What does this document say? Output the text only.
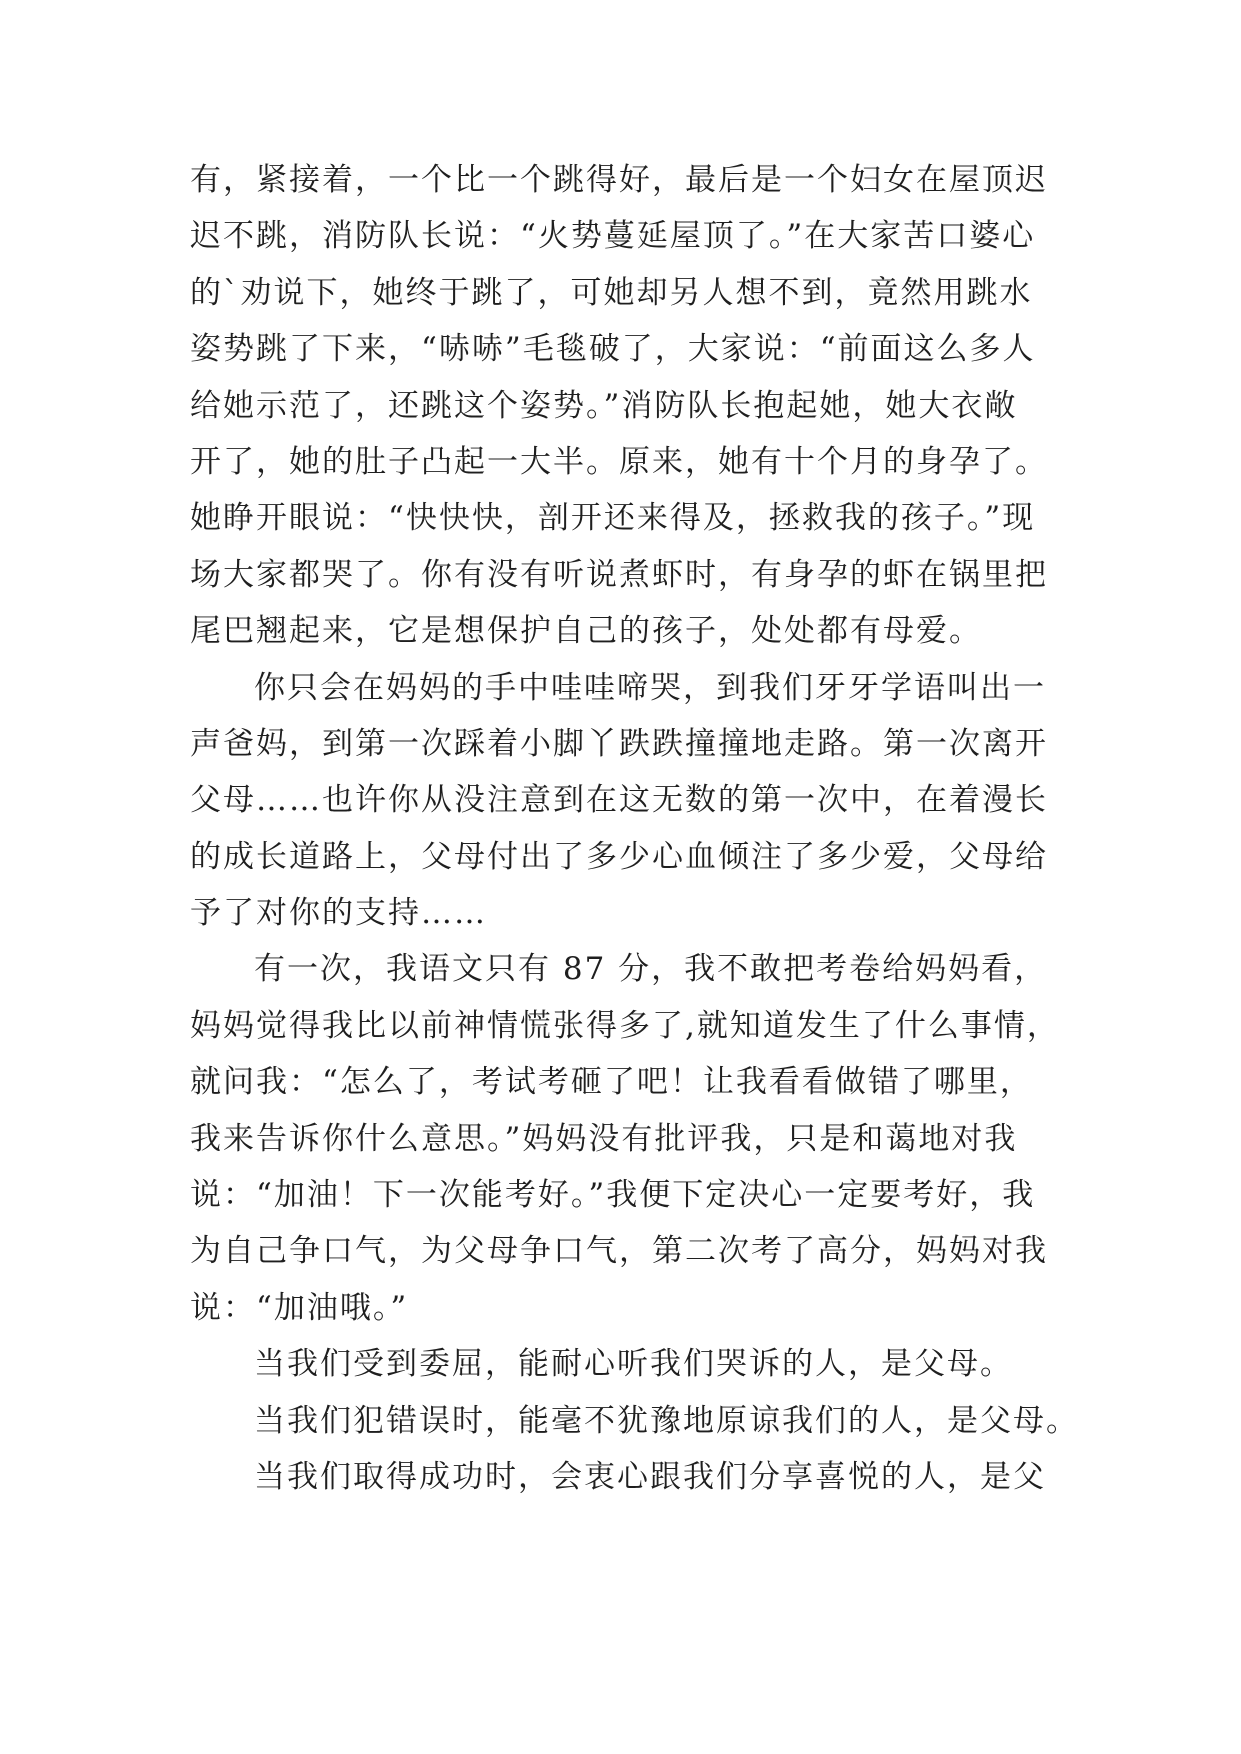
有，紧接着，一个比一个跳得好，最后是一个妇女在屋顶迟
迟不跳，消防队长说：“火势蔓延屋顶了。”在大家苦口婆心
的`劝说下，她终于跳了，可她却另人想不到，竟然用跳水
姿势跳了下来，“哧哧”毛毯破了，大家说：“前面这么多人
给她示范了，还跳这个姿势。”消防队长抱起她，她大衣敞
开了，她的肚子凸起一大半。原来，她有十个月的身孕了。
她睁开眼说：“快快快，剖开还来得及，拯救我的孩子。”现
场大家都哭了。你有没有听说煮虾时，有身孕的虾在锅里把
尾巴翘起来，它是想保护自己的孩子，处处都有母爱。
你只会在妈妈的手中哇哇啼哭，到我们牙牙学语叫出一
声爸妈，到第一次踩着小脚丫跌跌撞撞地走路。第一次离开
父母……也许你从没注意到在这无数的第一次中，在着漫长
的成长道路上，父母付出了多少心血倾注了多少爱，父母给
予了对你的支持……
有一次，我语文只有 87 分，我不敢把考卷给妈妈看，
妈妈觉得我比以前神情慌张得多了,就知道发生了什么事情，
就问我：“怎么了，考试考砸了吧！让我看看做错了哪里，
我来告诉你什么意思。”妈妈没有批评我，只是和蔼地对我
说：“加油！下一次能考好。”我便下定决心一定要考好，我
为自己争口气，为父母争口气，第二次考了高分，妈妈对我
说：“加油哦。”
当我们受到委屈，能耐心听我们哭诉的人，是父母。
当我们犯错误时，能毫不犹豫地原谅我们的人，是父母。
当我们取得成功时，会衷心跟我们分享喜悦的人，是父
